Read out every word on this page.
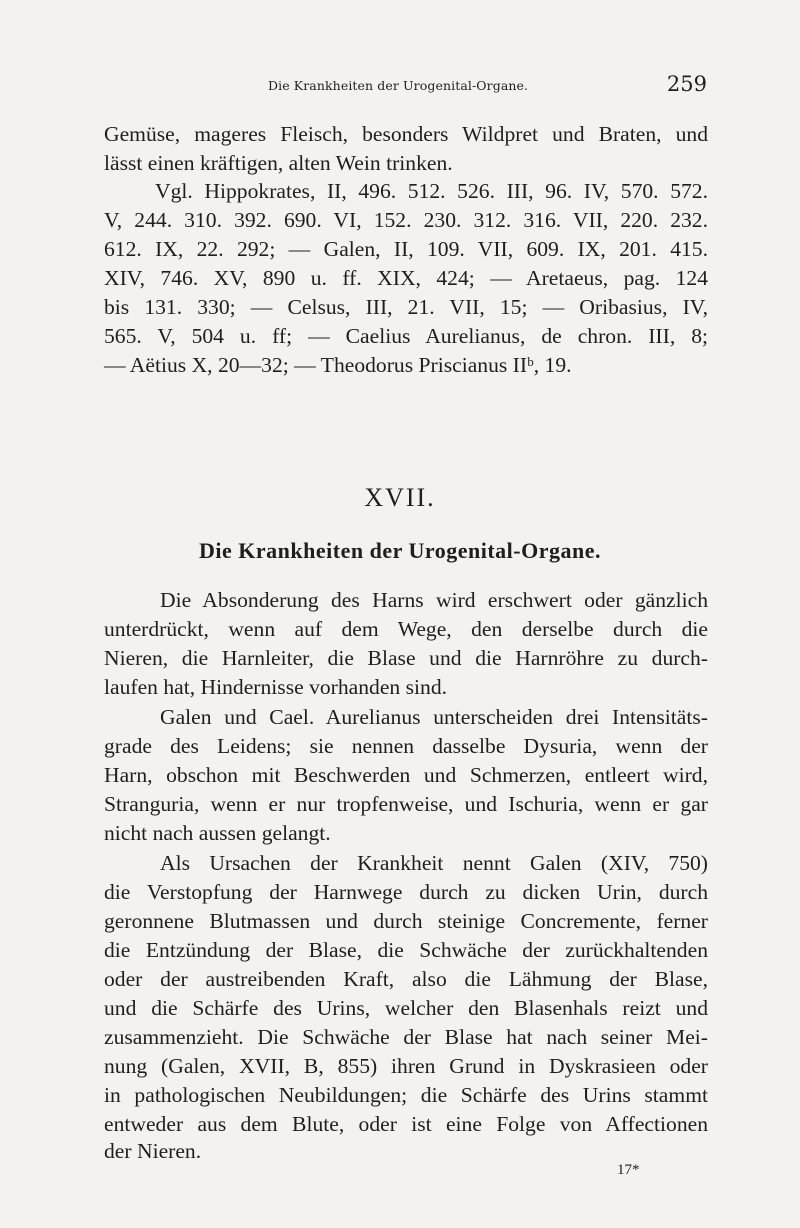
Die Krankheiten der Urogenital-Organe.	259
Gemüse, mageres Fleisch, besonders Wildpret und Braten, und
lässt einen kräftigen, alten Wein trinken.
Vgl. Hippokrates, II, 496. 512. 526. III, 96. IV, 570. 572.
V, 244. 310. 392. 690. VI, 152. 230. 312. 316. VII, 220. 232.
612. IX, 22. 292; — Galen, II, 109. VII, 609. IX, 201. 415.
XIV, 746. XV, 890 u. ff. XIX, 424; — Aretaeus, pag. 124
bis 131. 330; — Celsus, III, 21. VII, 15; — Oribasius, IV,
565. V, 504 u. ff; — Caelius Aurelianus, de chron. III, 8;
— Aëtius X, 20—32; — Theodorus Priscianus IIᵇ, 19.
XVII.
Die Krankheiten der Urogenital-Organe.
Die Absonderung des Harns wird erschwert oder gänzlich
unterdrückt, wenn auf dem Wege, den derselbe durch die
Nieren, die Harnleiter, die Blase und die Harnröhre zu durch-
laufen hat, Hindernisse vorhanden sind.
Galen und Cael. Aurelianus unterscheiden drei Intensitäts-
grade des Leidens; sie nennen dasselbe Dysuria, wenn der
Harn, obschon mit Beschwerden und Schmerzen, entleert wird,
Stranguria, wenn er nur tropfenweise, und Ischuria, wenn er gar
nicht nach aussen gelangt.
Als Ursachen der Krankheit nennt Galen (XIV, 750)
die Verstopfung der Harnwege durch zu dicken Urin, durch
geronnene Blutmassen und durch steinige Concremente, ferner
die Entzündung der Blase, die Schwäche der zurückhaltenden
oder der austreibenden Kraft, also die Lähmung der Blase,
und die Schärfe des Urins, welcher den Blasenhals reizt und
zusammenzieht. Die Schwäche der Blase hat nach seiner Mei-
nung (Galen, XVII, B, 855) ihren Grund in Dyskrasieen oder
in pathologischen Neubildungen; die Schärfe des Urins stammt
entweder aus dem Blute, oder ist eine Folge von Affectionen
der Nieren.
17*
